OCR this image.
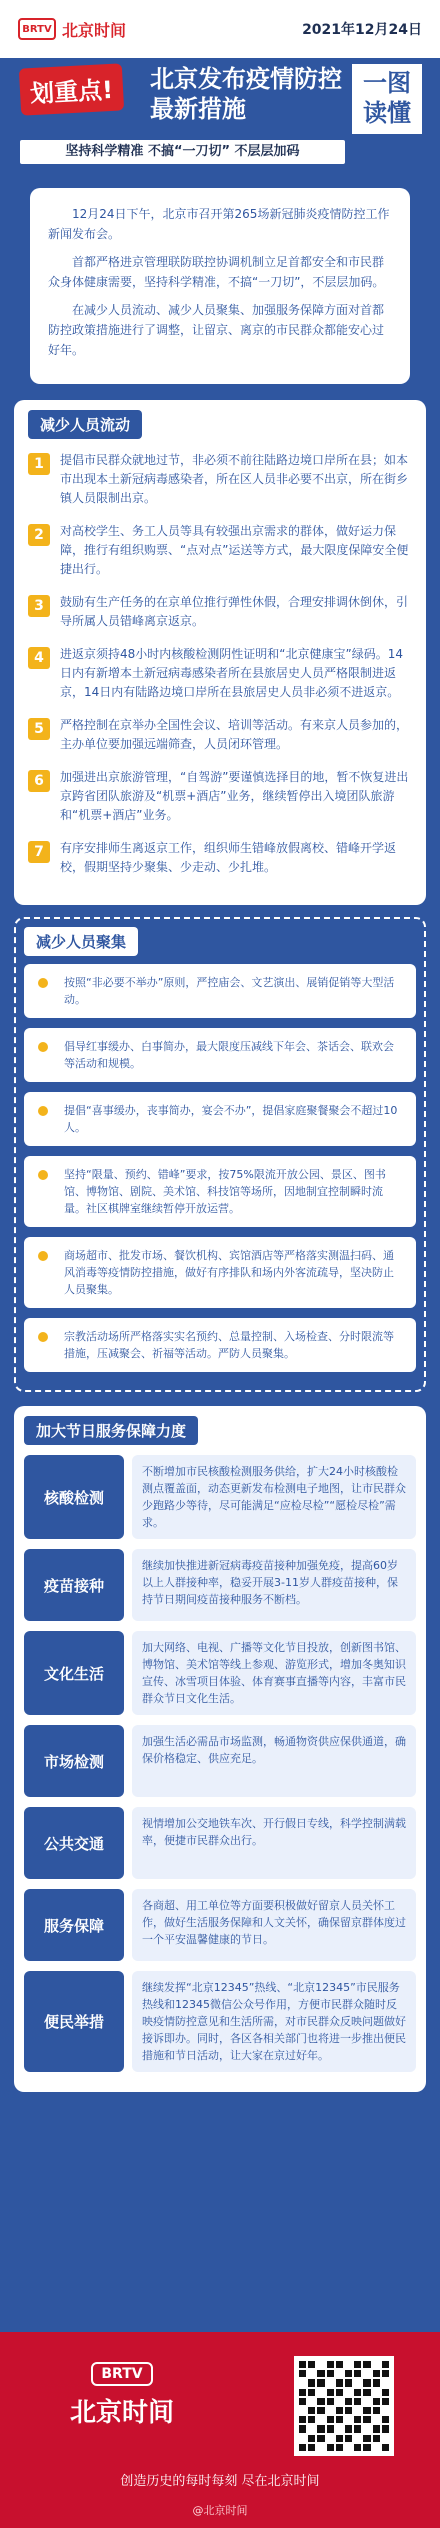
BRTV 北京时间	2021年12月24日
划重点!	北京发布疫情防控最新措施
一图读懂
坚持科学精准 不搞“一刀切” 不层层加码

12月24日下午，北京市召开第265场新冠肺炎疫情防控工作新闻发布会。

首都严格进京管理联防联控协调机制立足首都安全和市民群众身体健康需要，坚持科学精准，不搞“一刀切”，不层层加码。

在减少人员流动、减少人员聚集、加强服务保障方面对首都防控政策措施进行了调整，让留京、离京的市民群众都能安心过好年。

减少人员流动
1	提倡市民群众就地过节，非必须不前往陆路边境口岸所在县；如本市出现本土新冠病毒感染者，所在区人员非必要不出京，所在街乡镇人员限制出京。
2	对高校学生、务工人员等具有较强出京需求的群体，做好运力保障，推行有组织购票、“点对点”运送等方式，最大限度保障安全便捷出行。
3	鼓励有生产任务的在京单位推行弹性休假，合理安排调休倒休，引导所属人员错峰离京返京。
4	进返京须持48小时内核酸检测阴性证明和“北京健康宝”绿码。14日内有新增本土新冠病毒感染者所在县旅居史人员严格限制进返京，14日内有陆路边境口岸所在县旅居史人员非必须不进返京。
5	严格控制在京举办全国性会议、培训等活动。有来京人员参加的，主办单位要加强远端筛查，人员闭环管理。
6	加强进出京旅游管理，“自驾游”要谨慎选择目的地，暂不恢复进出京跨省团队旅游及“机票+酒店”业务，继续暂停出入境团队旅游和“机票+酒店”业务。
7	有序安排师生离返京工作，组织师生错峰放假离校、错峰开学返校，假期坚持少聚集、少走动、少扎堆。
减少人员聚集
按照“非必要不举办”原则，严控庙会、文艺演出、展销促销等大型活动。
倡导红事缓办、白事简办，最大限度压减线下年会、茶话会、联欢会等活动和规模。
提倡“喜事缓办，丧事简办，宴会不办”，提倡家庭聚餐聚会不超过10人。
坚持“限量、预约、错峰”要求，按75%限流开放公园、景区、图书馆、博物馆、剧院、美术馆、科技馆等场所，因地制宜控制瞬时流量。社区棋牌室继续暂停开放运营。
商场超市、批发市场、餐饮机构、宾馆酒店等严格落实测温扫码、通风消毒等疫情防控措施，做好有序排队和场内外客流疏导，坚决防止人员聚集。
宗教活动场所严格落实实名预约、总量控制、入场检查、分时限流等措施，压减聚会、祈福等活动。严防人员聚集。
加大节日服务保障力度
核酸检测
不断增加市民核酸检测服务供给，扩大24小时核酸检测点覆盖面，动态更新发布检测电子地图，让市民群众少跑路少等待，尽可能满足“应检尽检”“愿检尽检”需求。
疫苗接种
继续加快推进新冠病毒疫苗接种加强免疫，提高60岁以上人群接种率，稳妥开展3-11岁人群疫苗接种，保持节日期间疫苗接种服务不断档。
文化生活
加大网络、电视、广播等文化节目投放，创新图书馆、博物馆、美术馆等线上参观、游览形式，增加冬奥知识宣传、冰雪项目体验、体育赛事直播等内容，丰富市民群众节日文化生活。
市场检测
加强生活必需品市场监测，畅通物资供应保供通道，确保价格稳定、供应充足。
公共交通
视情增加公交地铁车次、开行假日专线，科学控制满载率，便捷市民群众出行。
服务保障
各商超、用工单位等方面要积极做好留京人员关怀工作，做好生活服务保障和人文关怀，确保留京群体度过一个平安温馨健康的节日。
便民举措
继续发挥“北京12345”热线、“北京12345”市民服务热线和12345微信公众号作用，方便市民群众随时反映疫情防控意见和生活所需，对市民群众反映问题做好接诉即办。同时，各区各相关部门也将进一步推出便民措施和节日活动，让大家在京过好年。
BRTV
北京时间
创造历史的每时每刻 尽在北京时间
@北京时间
